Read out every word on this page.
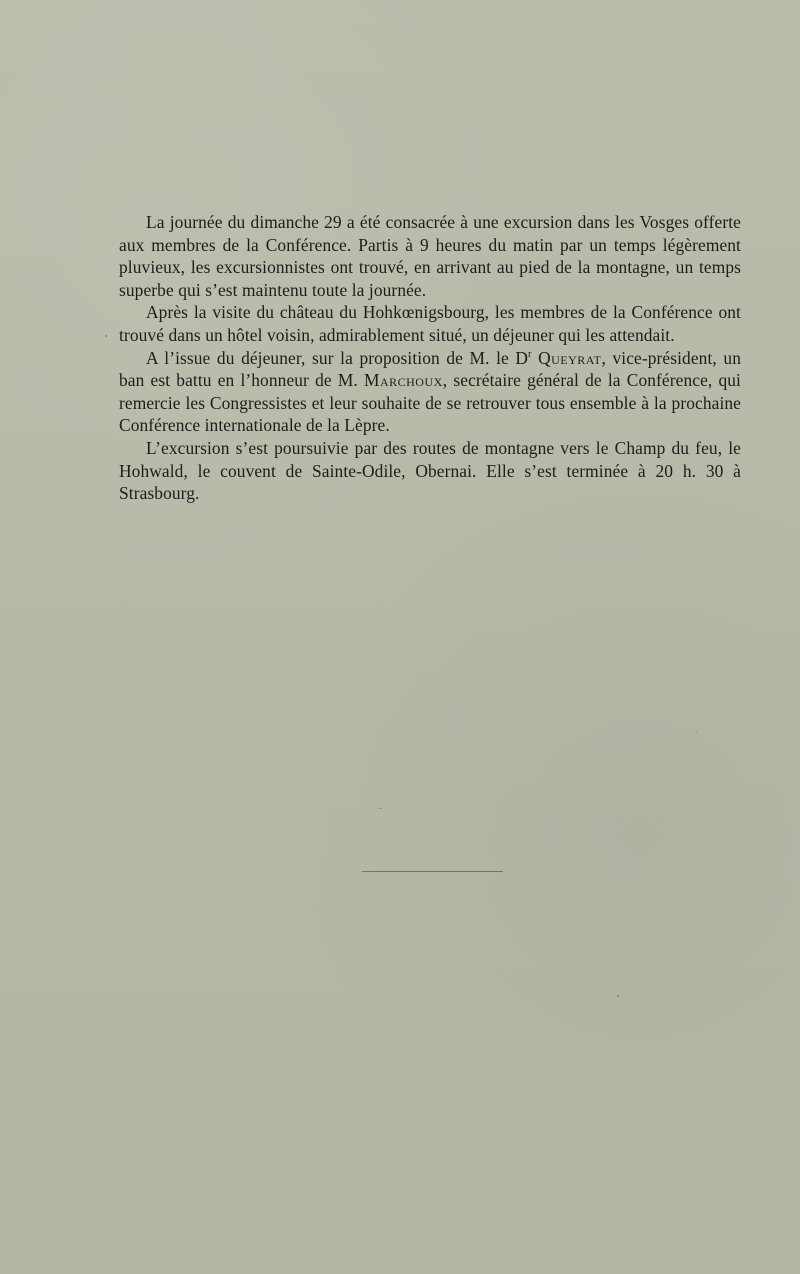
La journée du dimanche 29 a été consacrée à une excursion dans les Vosges offerte aux membres de la Conférence. Partis à 9 heures du matin par un temps légèrement pluvieux, les excursionnistes ont trouvé, en arrivant au pied de la montagne, un temps superbe qui s’est maintenu toute la journée.

Après la visite du château du Hohkœnigsbourg, les membres de la Conférence ont trouvé dans un hôtel voisin, admirablement situé, un déjeuner qui les attendait.

A l’issue du déjeuner, sur la proposition de M. le $D^r$ Queyrat, vice-président, un ban est battu en l’honneur de M. Marchoux, secrétaire général de la Conférence, qui remercie les Congressistes et leur souhaite de se retrouver tous ensemble à la prochaine Conférence internationale de la Lèpre.

L’excursion s’est poursuivie par des routes de montagne vers le Champ du feu, le Hohwald, le couvent de Sainte-Odile, Obernai. Elle s’est terminée à 20 h. 30 à Strasbourg.
